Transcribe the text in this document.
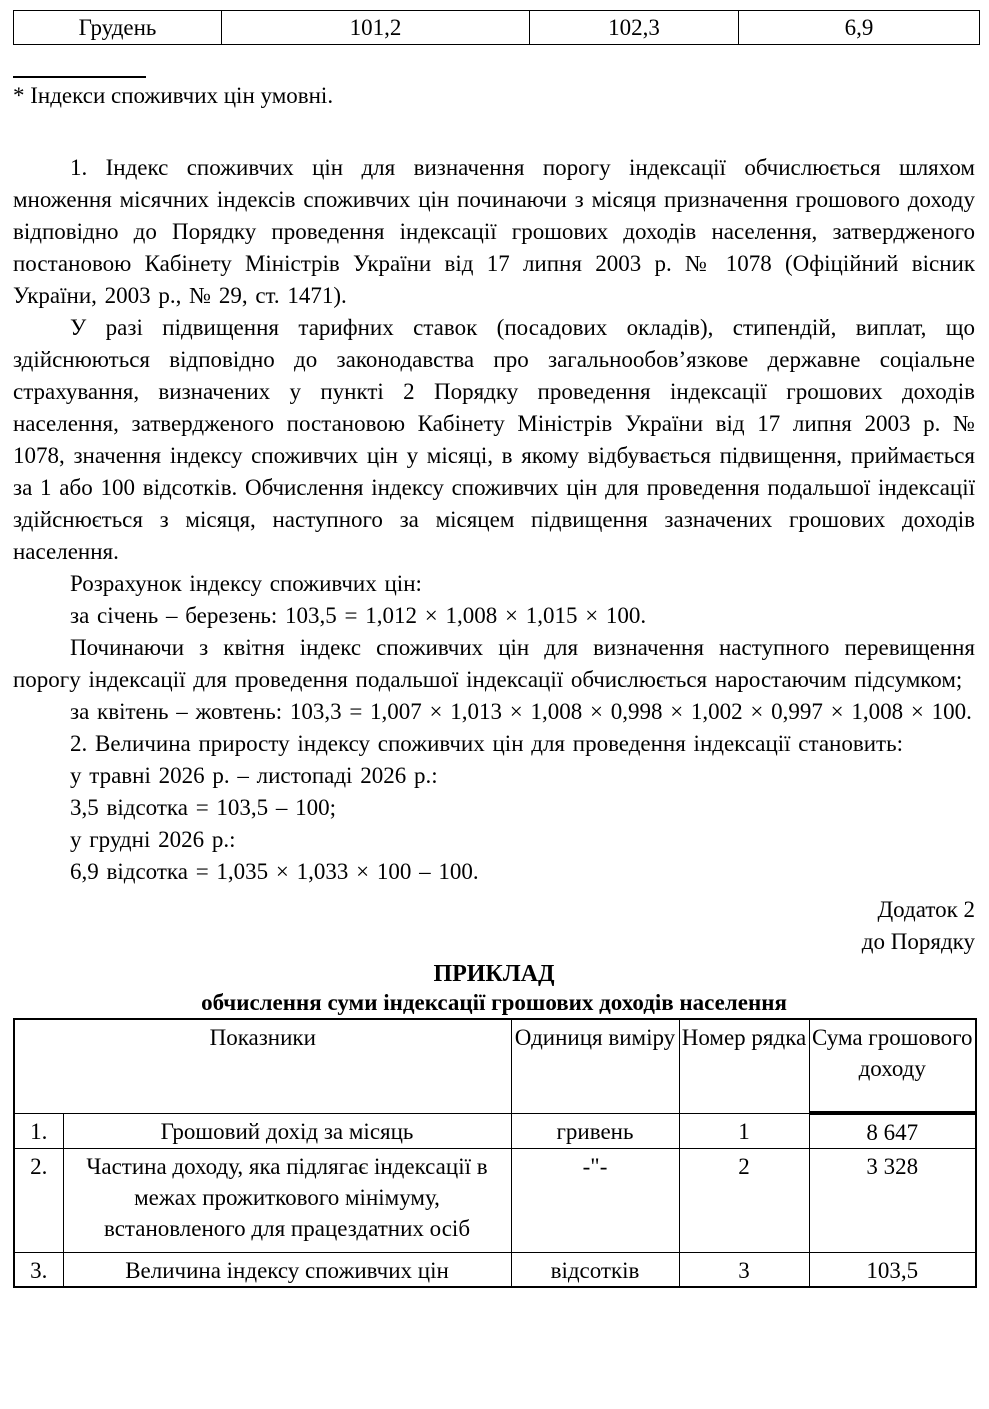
Грудень	101,2	102,3	6,9

* Індекси споживчих цін умовні.

1. Індекс споживчих цін для визначення порогу індексації обчислюється шляхом множення місячних індексів споживчих цін починаючи з місяця призначення грошового доходу відповідно до Порядку проведення індексації грошових доходів населення, затвердженого постановою Кабінету Міністрів України від 17 липня 2003 р. № 1078 (Офіційний вісник України, 2003 р., № 29, ст. 1471).

У разі підвищення тарифних ставок (посадових окладів), стипендій, виплат, що здійснюються відповідно до законодавства про загальнообов’язкове державне соціальне страхування, визначених у пункті 2 Порядку проведення індексації грошових доходів населення, затвердженого постановою Кабінету Міністрів України від 17 липня 2003 р. № 1078, значення індексу споживчих цін у місяці, в якому відбувається підвищення, приймається за 1 або 100 відсотків. Обчислення індексу споживчих цін для проведення подальшої індексації здійснюється з місяця, наступного за місяцем підвищення зазначених грошових доходів населення.

Розрахунок індексу споживчих цін:

за січень – березень: 103,5 = 1,012 × 1,008 × 1,015 × 100.

Починаючи з квітня індекс споживчих цін для визначення наступного перевищення порогу індексації для проведення подальшої індексації обчислюється наростаючим підсумком;

за квітень – жовтень: 103,3 = 1,007 × 1,013 × 1,008 × 0,998 × 1,002 × 0,997 × 1,008 × 100.

2. Величина приросту індексу споживчих цін для проведення індексації становить:

у травні 2026 р. – листопаді 2026 р.:

3,5 відсотка = 103,5 – 100;

у грудні 2026 р.:

6,9 відсотка = 1,035 × 1,033 × 100 – 100.

Додаток 2
до Порядку
ПРИКЛАД
обчислення суми індексації грошових доходів населення
Показники		Одиниця виміру	Номер рядка	Сума грошового доходу
1.	Грошовий дохід за місяць	гривень	1	8 647
2.	Частина доходу, яка підлягає індексації в межах прожиткового мінімуму, встановленого для працездатних осіб	-"-	2	3 328
3.	Величина індексу споживчих цін	відсотків	3	103,5
